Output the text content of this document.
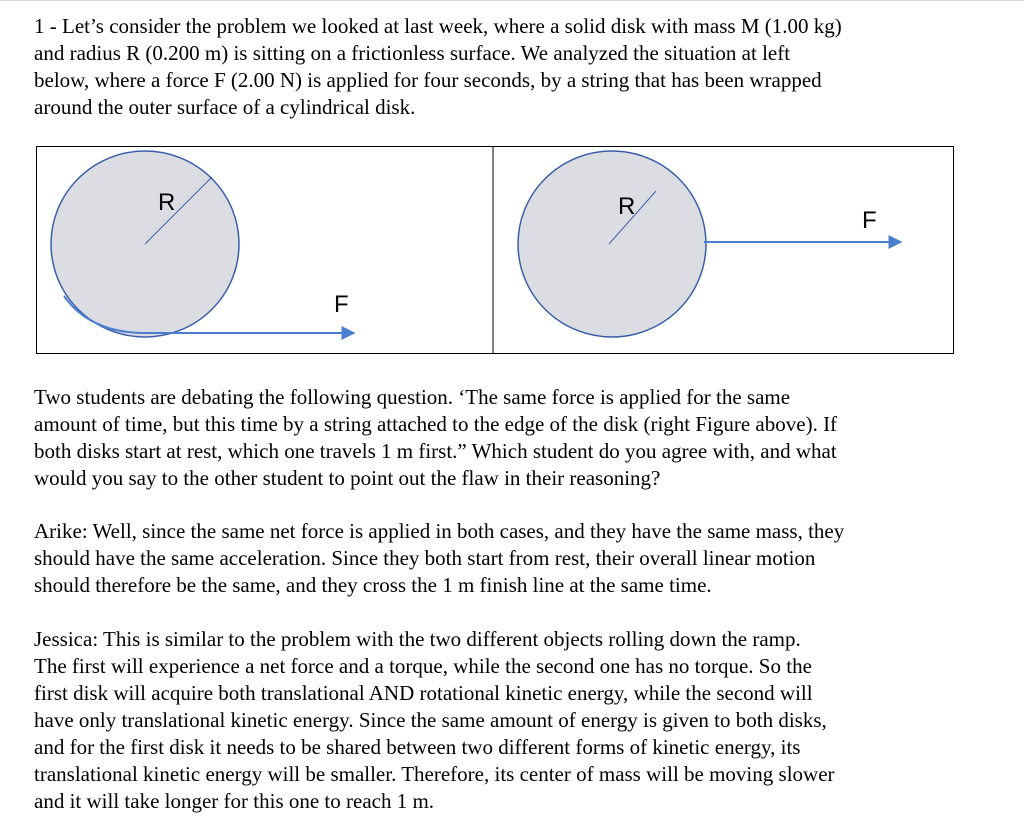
1 - Let’s consider the problem we looked at last week, where a solid disk with mass M (1.00 kg)
and radius R (0.200 m) is sitting on a frictionless surface. We analyzed the situation at left
below, where a force F (2.00 N) is applied for four seconds, by a string that has been wrapped
around the outer surface of a cylindrical disk.
R
F
R
F
Two students are debating the following question. ‘The same force is applied for the same
amount of time, but this time by a string attached to the edge of the disk (right Figure above). If
both disks start at rest, which one travels 1 m first.” Which student do you agree with, and what
would you say to the other student to point out the flaw in their reasoning?
Arike: Well, since the same net force is applied in both cases, and they have the same mass, they
should have the same acceleration. Since they both start from rest, their overall linear motion
should therefore be the same, and they cross the 1 m finish line at the same time.
Jessica: This is similar to the problem with the two different objects rolling down the ramp.
The first will experience a net force and a torque, while the second one has no torque. So the
first disk will acquire both translational AND rotational kinetic energy, while the second will
have only translational kinetic energy. Since the same amount of energy is given to both disks,
and for the first disk it needs to be shared between two different forms of kinetic energy, its
translational kinetic energy will be smaller. Therefore, its center of mass will be moving slower
and it will take longer for this one to reach 1 m.
